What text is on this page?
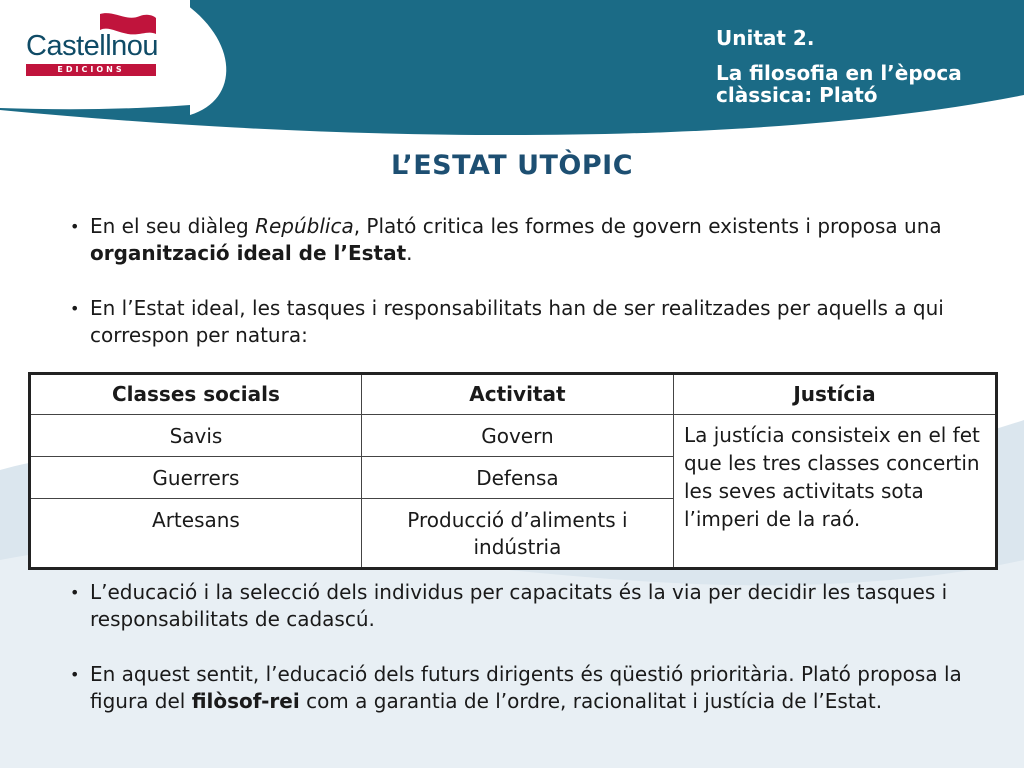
Castellnou
EDICIONS
Unitat 2.
La filosofia en l’època clàssica: Plató
L’ESTAT UTÒPIC
• En el seu diàleg República, Plató critica les formes de govern existents i proposa una organització ideal de l’Estat.
• En l’Estat ideal, les tasques i responsabilitats han de ser realitzades per aquells a qui correspon per natura:
Classes socials	Activitat	Justícia
Savis	Govern	La justícia consisteix en el fet que les tres classes concertin les seves activitats sota l’imperi de la raó.
Guerrers	Defensa	
Artesans	Producció d’aliments i indústria	
• L’educació i la selecció dels individus per capacitats és la via per decidir les tasques i responsabilitats de cadascú.
• En aquest sentit, l’educació dels futurs dirigents és qüestió prioritària. Plató proposa la figura del filòsof-rei com a garantia de l’ordre, racionalitat i justícia de l’Estat.
